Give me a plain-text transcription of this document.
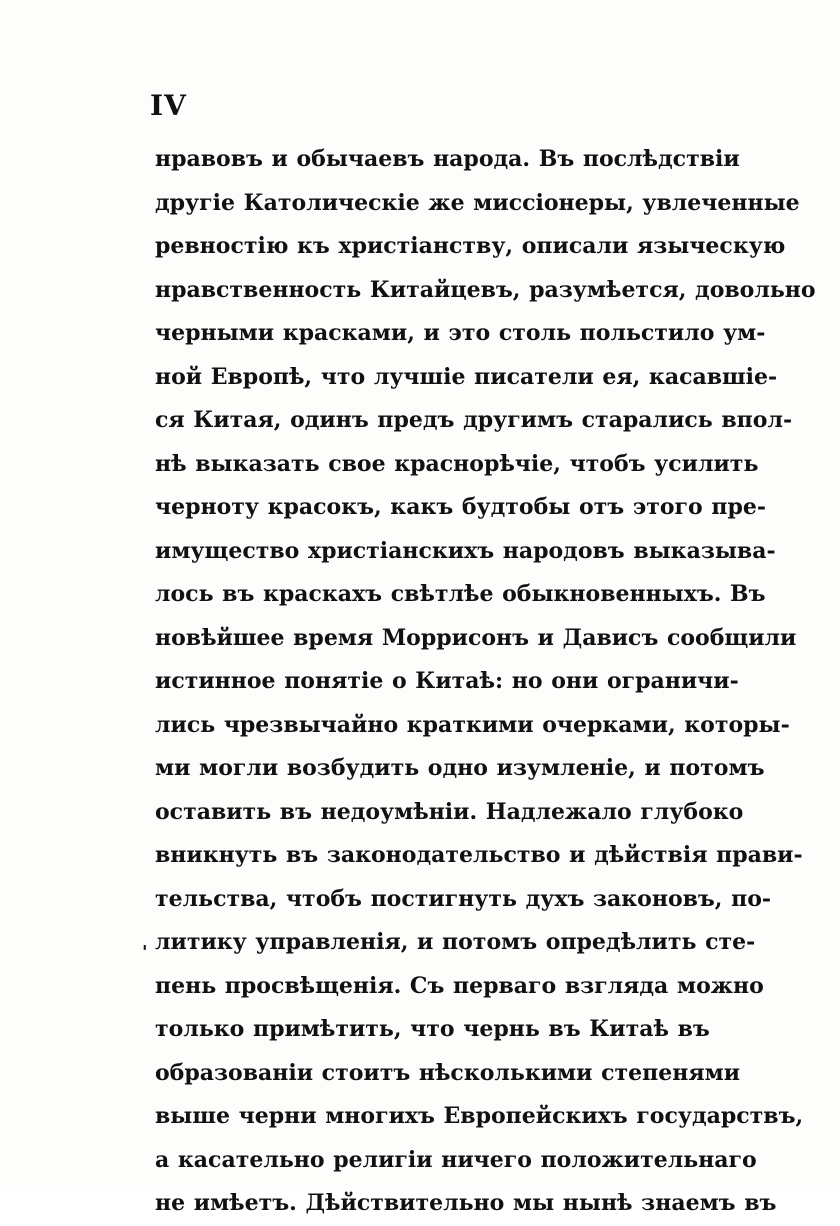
IV
'
нравовъ и обычаевъ народа. Въ послѣдствіи
другіе Католическіе же миссіонеры, увлеченные
ревностію къ христіанству, описали языческую
нравственность Китайцевъ, разумѣется, довольно
черными красками, и это столь польстило ум-
ной Европѣ, что лучшіе писатели ея, касавшіе-
ся Китая, одинъ предъ другимъ старались впол-
нѣ выказать свое краснорѣчіе, чтобъ усилить
черноту красокъ, какъ будтобы отъ этого пре-
имущество христіанскихъ народовъ выказыва-
лось въ краскахъ свѣтлѣе обыкновенныхъ. Въ
новѣйшее время Моррисонъ и Дависъ сообщили
истинное понятіе о Китаѣ: но они ограничи-
лись чрезвычайно краткими очерками, которы-
ми могли возбудить одно изумленіе, и потомъ
оставить въ недоумѣніи. Надлежало глубоко
вникнуть въ законодательство и дѣйствія прави-
тельства, чтобъ постигнуть духъ законовъ, по-
литику управленія, и потомъ опредѣлить сте-
пень просвѣщенія. Съ перваго взгляда можно
только примѣтить, что чернь въ Китаѣ въ
образованіи стоитъ нѣсколькими степенями
выше черни многихъ Европейскихъ государствъ,
а касательно религіи ничего положительнаго
не имѣетъ. Дѣйствительно мы нынѣ знаемъ въ
